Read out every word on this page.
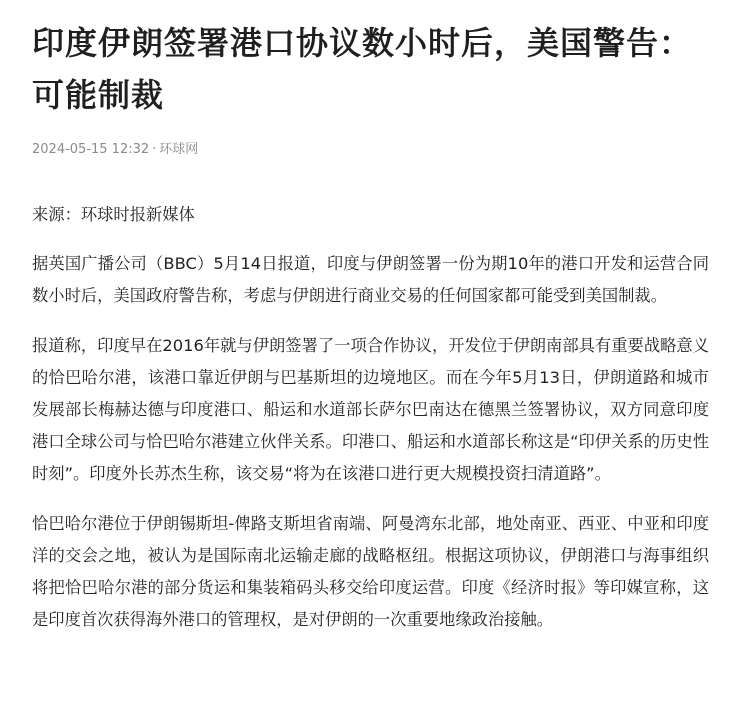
印度伊朗签署港口协议数小时后，美国警告：可能制裁
2024-05-15 12:32 · 环球网

来源：环球时报新媒体

据英国广播公司（BBC）5月14日报道，印度与伊朗签署一份为期10年的港口开发和运营合同数小时后，美国政府警告称，考虑与伊朗进行商业交易的任何国家都可能受到美国制裁。

报道称，印度早在2016年就与伊朗签署了一项合作协议，开发位于伊朗南部具有重要战略意义的恰巴哈尔港，该港口靠近伊朗与巴基斯坦的边境地区。而在今年5月13日，伊朗道路和城市发展部长梅赫达德与印度港口、船运和水道部长萨尔巴南达在德黑兰签署协议，双方同意印度港口全球公司与恰巴哈尔港建立伙伴关系。印港口、船运和水道部长称这是“印伊关系的历史性时刻”。印度外长苏杰生称，该交易“将为在该港口进行更大规模投资扫清道路”。

恰巴哈尔港位于伊朗锡斯坦-俾路支斯坦省南端、阿曼湾东北部，地处南亚、西亚、中亚和印度洋的交会之地，被认为是国际南北运输走廊的战略枢纽。根据这项协议，伊朗港口与海事组织将把恰巴哈尔港的部分货运和集装箱码头移交给印度运营。印度《经济时报》等印媒宣称，这是印度首次获得海外港口的管理权，是对伊朗的一次重要地缘政治接触。
